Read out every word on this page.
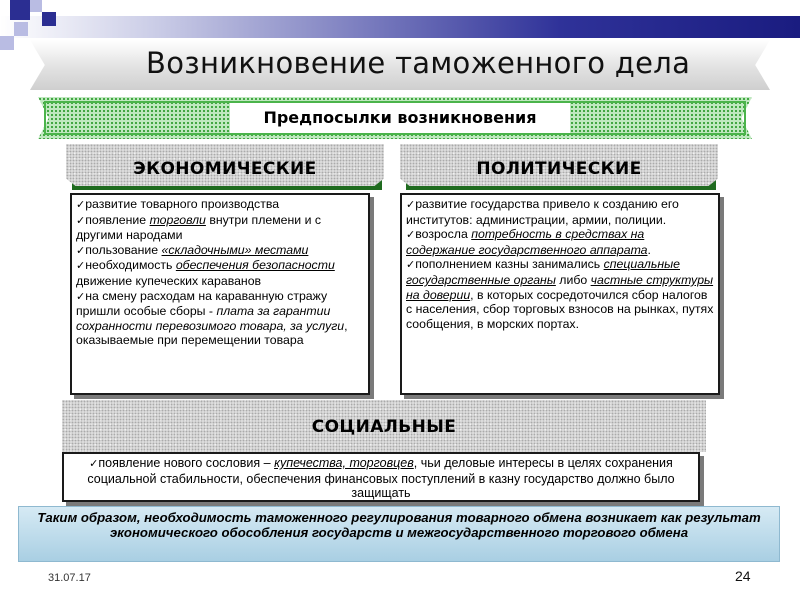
Возникновение таможенного дела
Предпосылки возникновения
ЭКОНОМИЧЕСКИЕ	ПОЛИТИЧЕСКИЕ

✓развитие товарного производства

✓появление торговли внутри племени и с другими народами

✓пользование «складочными» местами

✓необходимость обеспечения безопасности движение купеческих караванов

✓на смену расходам на караванную стражу пришли особые сборы - плата за гарантии сохранности перевозимого товара, за услуги, оказываемые при перемещении товара

✓развитие государства привело к созданию его институтов: администрации, армии, полиции.

✓возросла потребность в средствах на содержание государственного аппарата.

✓пополнением казны занимались специальные государственные органы либо частные структуры на доверии, в которых сосредоточился сбор налогов с населения, сбор торговых взносов на рынках, путях сообщения, в морских портах.

СОЦИАЛЬНЫЕ

✓появление нового сословия – купечества, торговцев, чьи деловые интересы в целях сохранения социальной стабильности, обеспечения финансовых поступлений в казну государство должно было защищать

Таким образом, необходимость таможенного регулирования товарного обмена возникает как результат экономического обособления государств и межгосударственного торгового обмена
31.07.17	24
